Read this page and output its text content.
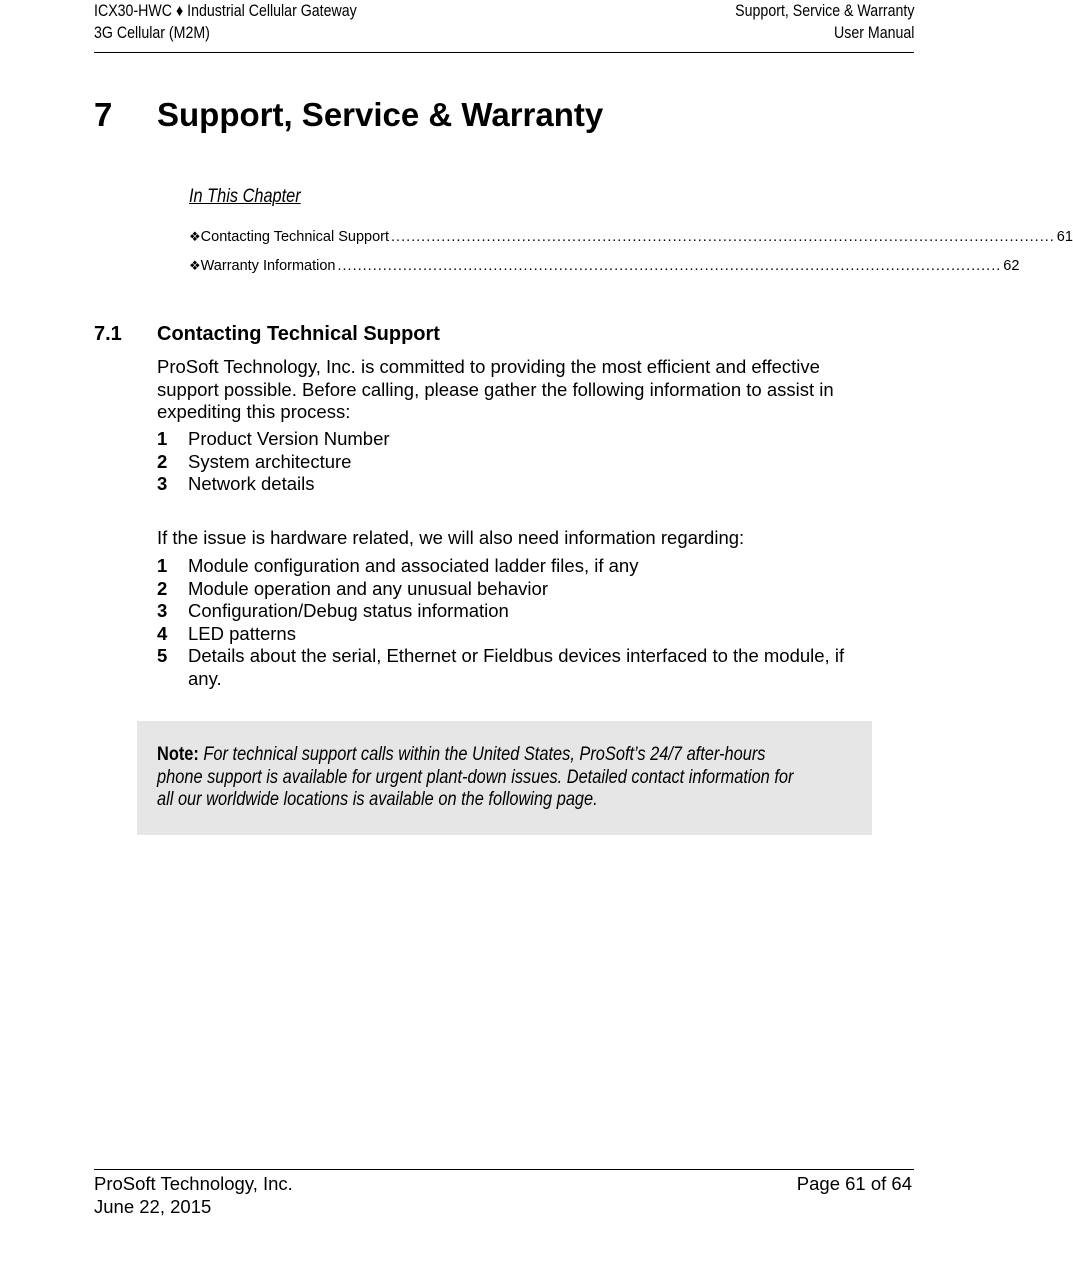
ICX30-HWC ♦ Industrial Cellular Gateway
3G Cellular (M2M)
Support, Service & Warranty
User Manual
7 Support, Service & Warranty
In This Chapter
❖ Contacting Technical Support .................................................................................................................................... 61
❖ Warranty Information .................................................................................................................................... 62
7.1 Contacting Technical Support
ProSoft Technology, Inc. is committed to providing the most efficient and effective support possible. Before calling, please gather the following information to assist in expediting this process:
1	Product Version Number
2	System architecture
3	Network details
If the issue is hardware related, we will also need information regarding:
1	Module configuration and associated ladder files, if any
2	Module operation and any unusual behavior
3	Configuration/Debug status information
4	LED patterns
5	Details about the serial, Ethernet or Fieldbus devices interfaced to the module, if any.
Note: For technical support calls within the United States, ProSoft’s 24/7 after-hours phone support is available for urgent plant-down issues. Detailed contact information for all our worldwide locations is available on the following page.
ProSoft Technology, Inc.
June 22, 2015
Page 61 of 64
